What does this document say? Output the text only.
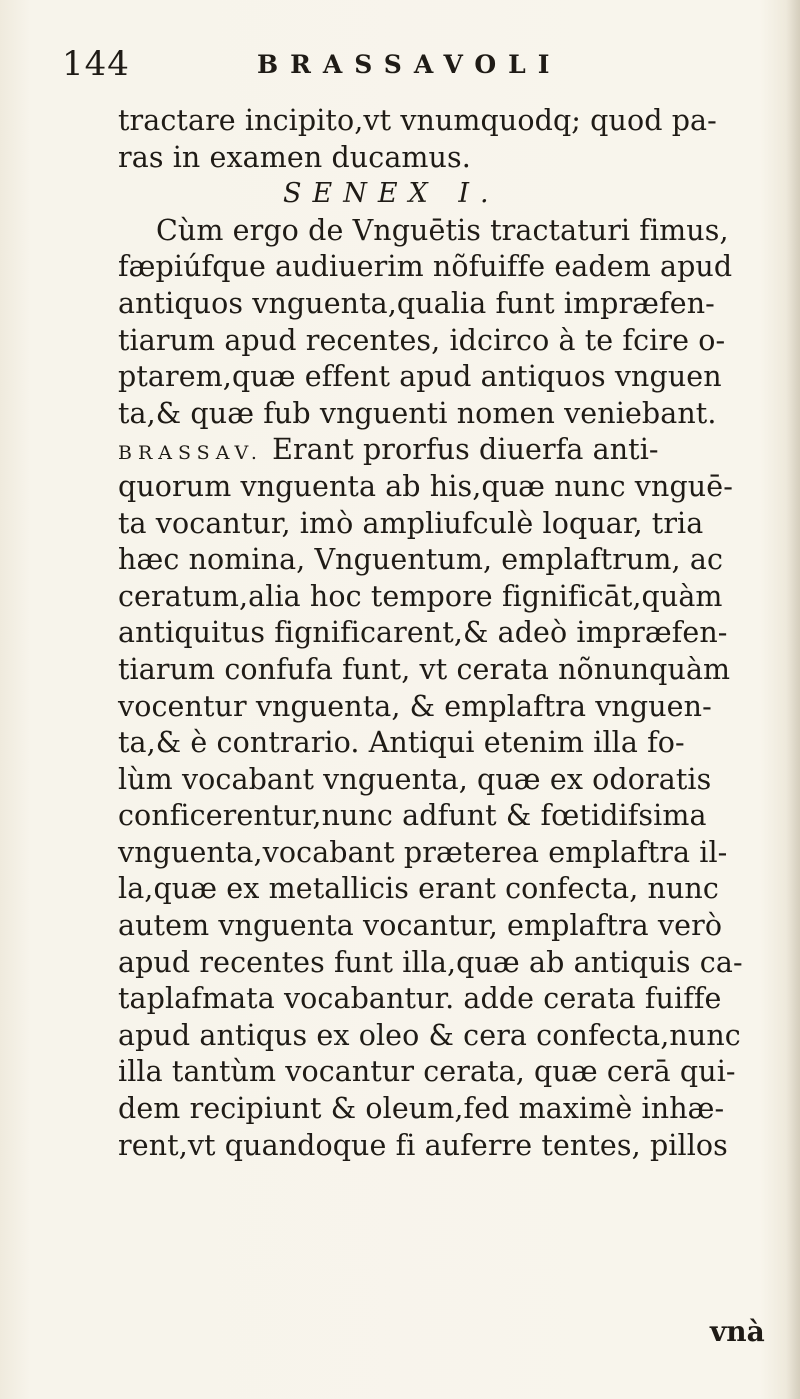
144	BRASSAVOLI
tractare incipito,vt vnumquodq; quod pa-
ras in examen ducamus.
SENEX I.
Cùm ergo de Vnguētis tractaturi fimus,
fæpiúfque audiuerim nõfuiffe eadem apud
antiquos vnguenta,qualia funt impræfen-
tiarum apud recentes, idcirco à te fcire o-
ptarem,quæ effent apud antiquos vnguen
ta,& quæ fub vnguenti nomen veniebant.
BRASSAV. Erant prorfus diuerfa anti-
quorum vnguenta ab his,quæ nunc vnguē-
ta vocantur, imò ampliufculè loquar, tria
hæc nomina, Vnguentum, emplaftrum, ac
ceratum,alia hoc tempore fignificāt,quàm
antiquitus fignificarent,& adeò impræfen-
tiarum confufa funt, vt cerata nõnunquàm
vocentur vnguenta, & emplaftra vnguen-
ta,& è contrario. Antiqui etenim illa fo-
lùm vocabant vnguenta, quæ ex odoratis
conficerentur,nunc adfunt & fœtidifsima
vnguenta,vocabant præterea emplaftra il-
la,quæ ex metallicis erant confecta, nunc
autem vnguenta vocantur, emplaftra verò
apud recentes funt illa,quæ ab antiquis ca-
taplafmata vocabantur. adde cerata fuiffe
apud antiqus ex oleo & cera confecta,nunc
illa tantùm vocantur cerata, quæ cerā qui-
dem recipiunt & oleum,fed maximè inhæ-
rent,vt quandoque fi auferre tentes, pillos
vnà
